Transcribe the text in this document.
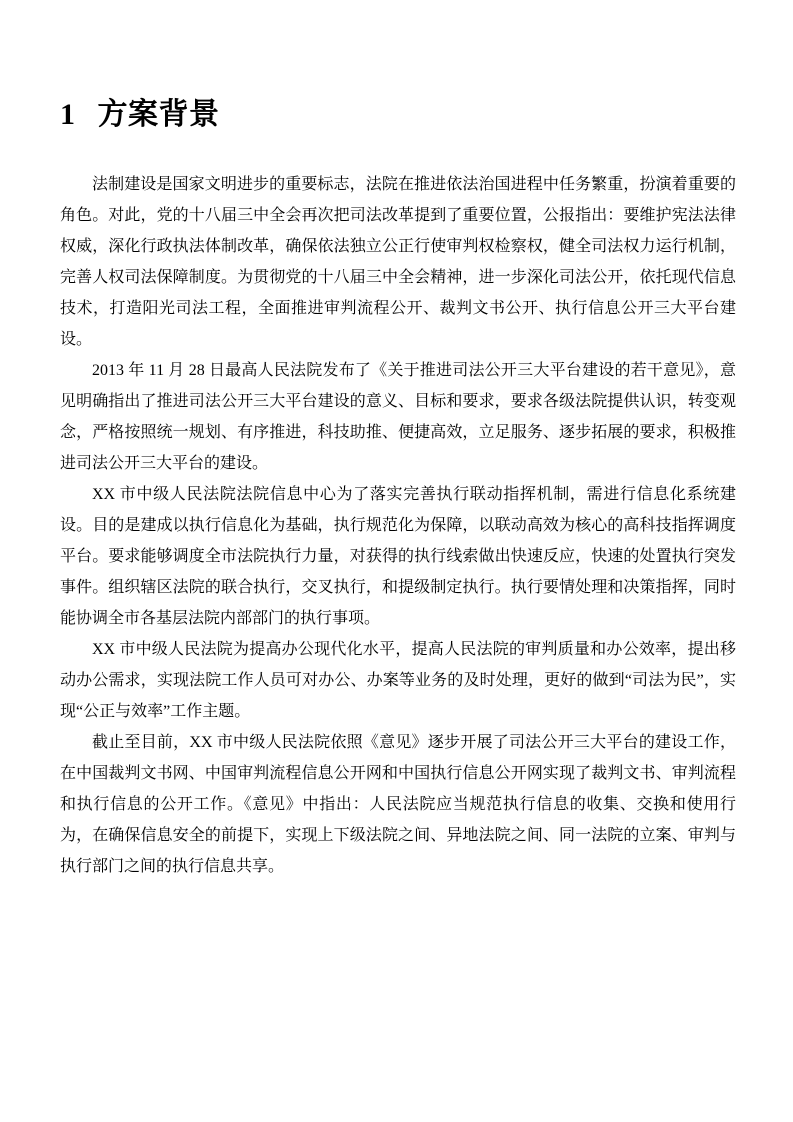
1 方案背景

法制建设是国家文明进步的重要标志，法院在推进依法治国进程中任务繁重，扮演着重要的角色。对此，党的十八届三中全会再次把司法改革提到了重要位置，公报指出：要维护宪法法律权威，深化行政执法体制改革，确保依法独立公正行使审判权检察权，健全司法权力运行机制，完善人权司法保障制度。为贯彻党的十八届三中全会精神，进一步深化司法公开，依托现代信息技术，打造阳光司法工程，全面推进审判流程公开、裁判文书公开、执行信息公开三大平台建设。

2013 年 11 月 28 日最高人民法院发布了《关于推进司法公开三大平台建设的若干意见》，意见明确指出了推进司法公开三大平台建设的意义、目标和要求，要求各级法院提供认识，转变观念，严格按照统一规划、有序推进，科技助推、便捷高效，立足服务、逐步拓展的要求，积极推进司法公开三大平台的建设。

XX 市中级人民法院法院信息中心为了落实完善执行联动指挥机制，需进行信息化系统建设。目的是建成以执行信息化为基础，执行规范化为保障，以联动高效为核心的高科技指挥调度平台。要求能够调度全市法院执行力量，对获得的执行线索做出快速反应，快速的处置执行突发事件。组织辖区法院的联合执行，交叉执行，和提级制定执行。执行要情处理和决策指挥，同时能协调全市各基层法院内部部门的执行事项。

XX 市中级人民法院为提高办公现代化水平，提高人民法院的审判质量和办公效率，提出移动办公需求，实现法院工作人员可对办公、办案等业务的及时处理，更好的做到“司法为民”，实现“公正与效率”工作主题。

截止至目前，XX 市中级人民法院依照《意见》逐步开展了司法公开三大平台的建设工作，在中国裁判文书网、中国审判流程信息公开网和中国执行信息公开网实现了裁判文书、审判流程和执行信息的公开工作。《意见》中指出：人民法院应当规范执行信息的收集、交换和使用行为，在确保信息安全的前提下，实现上下级法院之间、异地法院之间、同一法院的立案、审判与执行部门之间的执行信息共享。
